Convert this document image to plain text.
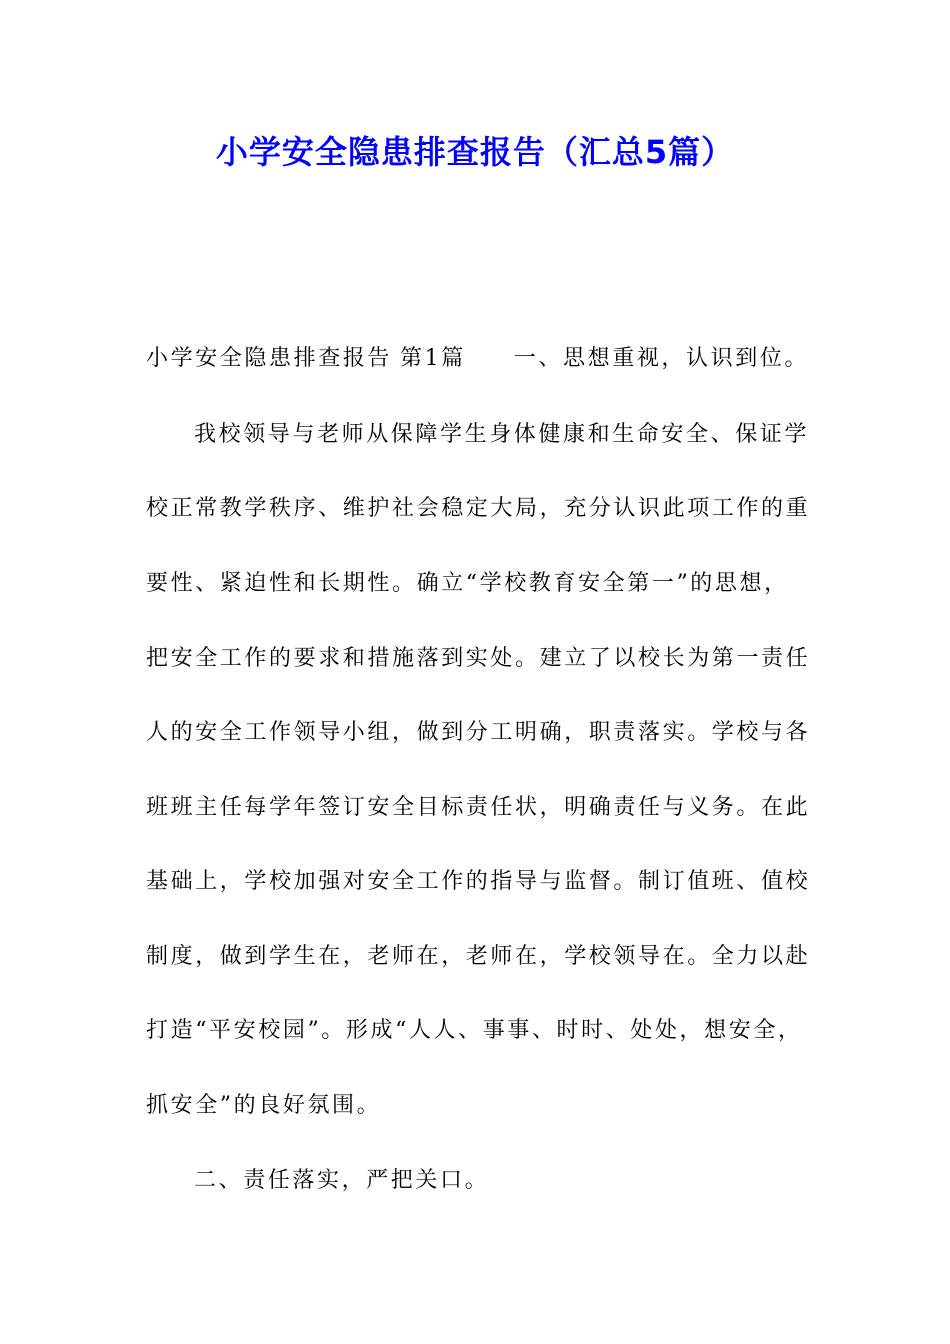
小学安全隐患排查报告（汇总5篇）

小学安全隐患排查报告 第1篇 一、思想重视，认识到位。

我校领导与老师从保障学生身体健康和生命安全、保证学

校正常教学秩序、维护社会稳定大局，充分认识此项工作的重

要性、紧迫性和长期性。确立“学校教育安全第一”的思想，

把安全工作的要求和措施落到实处。建立了以校长为第一责任

人的安全工作领导小组，做到分工明确，职责落实。学校与各

班班主任每学年签订安全目标责任状，明确责任与义务。在此

基础上，学校加强对安全工作的指导与监督。制订值班、值校

制度，做到学生在，老师在，老师在，学校领导在。全力以赴

打造“平安校园”。形成“人人、事事、时时、处处，想安全，

抓安全”的良好氛围。

二、责任落实，严把关口。
